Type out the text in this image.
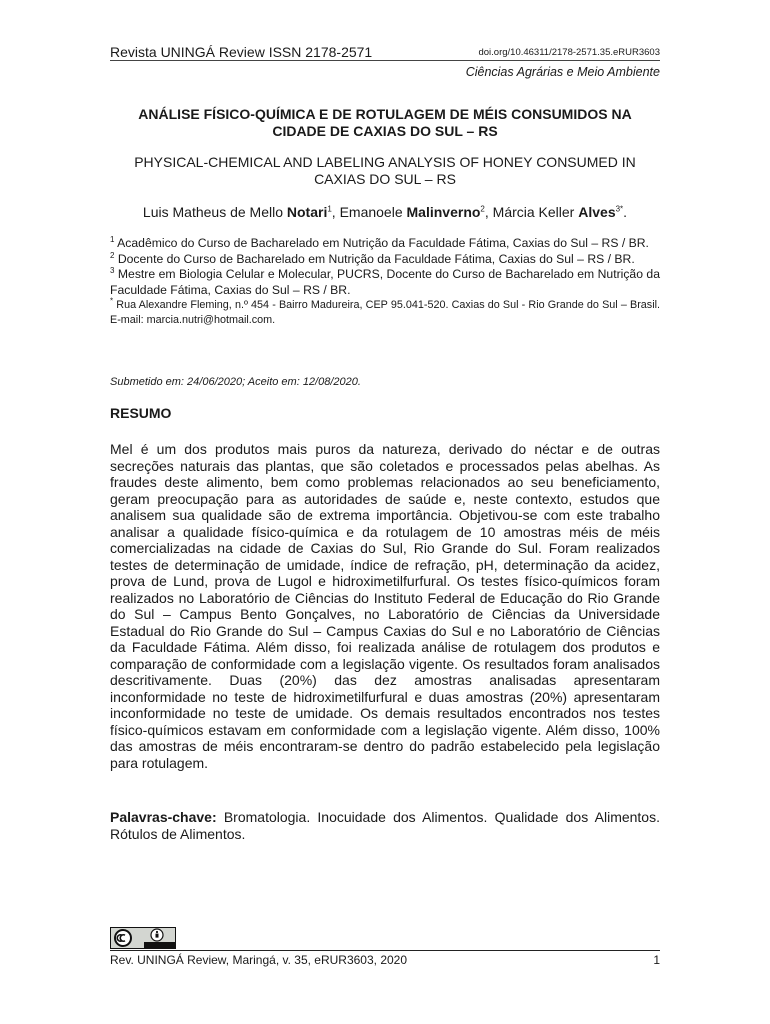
Revista UNINGÁ Review ISSN 2178-2571	doi.org/10.46311/2178-2571.35.eRUR3603
Ciências Agrárias e Meio Ambiente
ANÁLISE FÍSICO-QUÍMICA E DE ROTULAGEM DE MÉIS CONSUMIDOS NA CIDADE DE CAXIAS DO SUL – RS
PHYSICAL-CHEMICAL AND LABELING ANALYSIS OF HONEY CONSUMED IN CAXIAS DO SUL – RS
Luis Matheus de Mello Notari$^1$, Emanoele Malinverno$^2$, Márcia Keller Alves$^{3*}$.

$^1$ Acadêmico do Curso de Bacharelado em Nutrição da Faculdade Fátima, Caxias do Sul – RS / BR.

$^2$ Docente do Curso de Bacharelado em Nutrição da Faculdade Fátima, Caxias do Sul – RS / BR.

$^3$ Mestre em Biologia Celular e Molecular, PUCRS, Docente do Curso de Bacharelado em Nutrição da Faculdade Fátima, Caxias do Sul – RS / BR.

* Rua Alexandre Fleming, n.º 454 - Bairro Madureira, CEP 95.041-520. Caxias do Sul - Rio Grande do Sul – Brasil. E-mail: marcia.nutri@hotmail.com.

Submetido em: 24/06/2020; Aceito em: 12/08/2020.
RESUMO

Mel é um dos produtos mais puros da natureza, derivado do néctar e de outras secreções naturais das plantas, que são coletados e processados pelas abelhas. As fraudes deste alimento, bem como problemas relacionados ao seu beneficiamento, geram preocupação para as autoridades de saúde e, neste contexto, estudos que analisem sua qualidade são de extrema importância. Objetivou-se com este trabalho analisar a qualidade físico-química e da rotulagem de 10 amostras méis de méis comercializadas na cidade de Caxias do Sul, Rio Grande do Sul. Foram realizados testes de determinação de umidade, índice de refração, pH, determinação da acidez, prova de Lund, prova de Lugol e hidroximetilfurfural. Os testes físico-químicos foram realizados no Laboratório de Ciências do Instituto Federal de Educação do Rio Grande do Sul – Campus Bento Gonçalves, no Laboratório de Ciências da Universidade Estadual do Rio Grande do Sul – Campus Caxias do Sul e no Laboratório de Ciências da Faculdade Fátima. Além disso, foi realizada análise de rotulagem dos produtos e comparação de conformidade com a legislação vigente. Os resultados foram analisados descritivamente. Duas (20%) das dez amostras analisadas apresentaram inconformidade no teste de hidroximetilfurfural e duas amostras (20%) apresentaram inconformidade no teste de umidade. Os demais resultados encontrados nos testes físico-químicos estavam em conformidade com a legislação vigente. Além disso, 100% das amostras de méis encontraram-se dentro do padrão estabelecido pela legislação para rotulagem.

Palavras-chave: Bromatologia. Inocuidade dos Alimentos. Qualidade dos Alimentos. Rótulos de Alimentos.

Rev. UNINGÁ Review, Maringá, v. 35, eRUR3603, 2020	1
